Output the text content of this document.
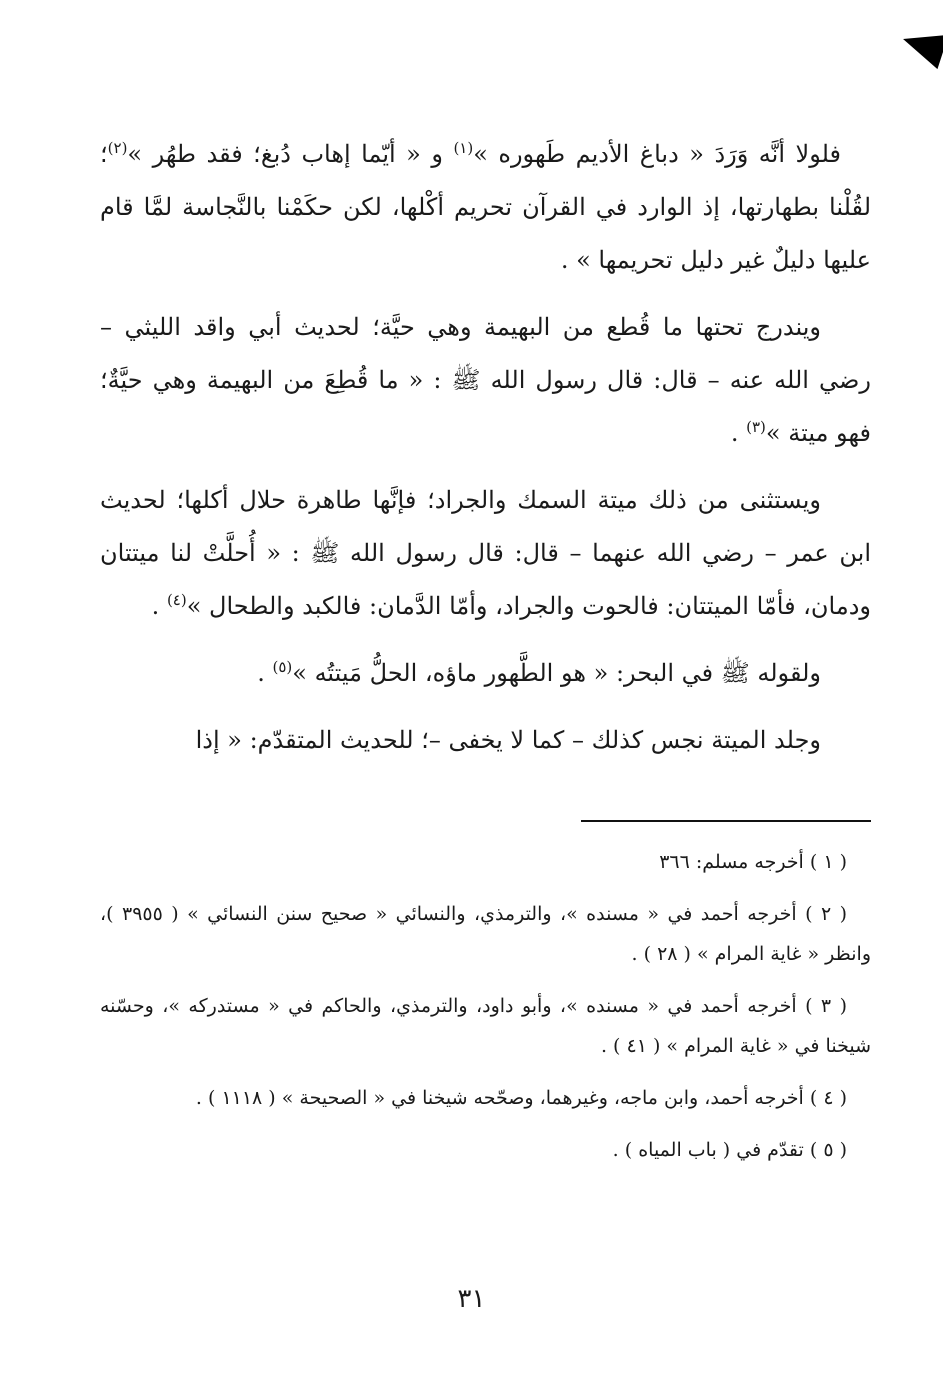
فلولا أنَّه وَرَدَ « دباغ الأديم طَهوره »$^{(١)}$ و « أيّما إهاب دُبغ؛ فقد طهُر »$^{(٢)}$؛ لقُلْنا بطهارتها، إذ الوارد في القرآن تحريم أكْلها، لكن حكَمْنا بالنَّجاسة لمَّا قام عليها دليلٌ غير دليل تحريمها » .

ويندرج تحتها ما قُطع من البهيمة وهي حيَّة؛ لحديث أبي واقد الليثي – رضي الله عنه – قال: قال رسول الله ﷺ : « ما قُطِعَ من البهيمة وهي حيَّةٌ؛ فهو ميتة »$^{(٣)}$ .

ويستثنى من ذلك ميتة السمك والجراد؛ فإنَّها طاهرة حلال أكلها؛ لحديث ابن عمر – رضي الله عنهما – قال: قال رسول الله ﷺ : « أُحلَّتْ لنا ميتتان ودمان، فأمّا الميتتان: فالحوت والجراد، وأمّا الدَّمان: فالكبد والطحال »$^{(٤)}$ .

ولقوله ﷺ في البحر: « هو الطَّهور ماؤه، الحلُّ مَيتتُه »$^{(٥)}$ .

وجلد الميتة نجس كذلك – كما لا يخفى –؛ للحديث المتقدّم: « إذا

( ١ ) أخرجه مسلم: ٣٦٦

( ٢ ) أخرجه أحمد في « مسنده »، والترمذي، والنسائي « صحيح سنن النسائي » ( ٣٩٥٥ )، وانظر « غاية المرام » ( ٢٨ ) .

( ٣ ) أخرجه أحمد في « مسنده »، وأبو داود، والترمذي، والحاكم في « مستدركه »، وحسّنه شيخنا في « غاية المرام » ( ٤١ ) .

( ٤ ) أخرجه أحمد، وابن ماجه، وغيرهما، وصحّحه شيخنا في « الصحيحة » ( ١١١٨ ) .

( ٥ ) تقدّم في ( باب المياه ) .

٣١
